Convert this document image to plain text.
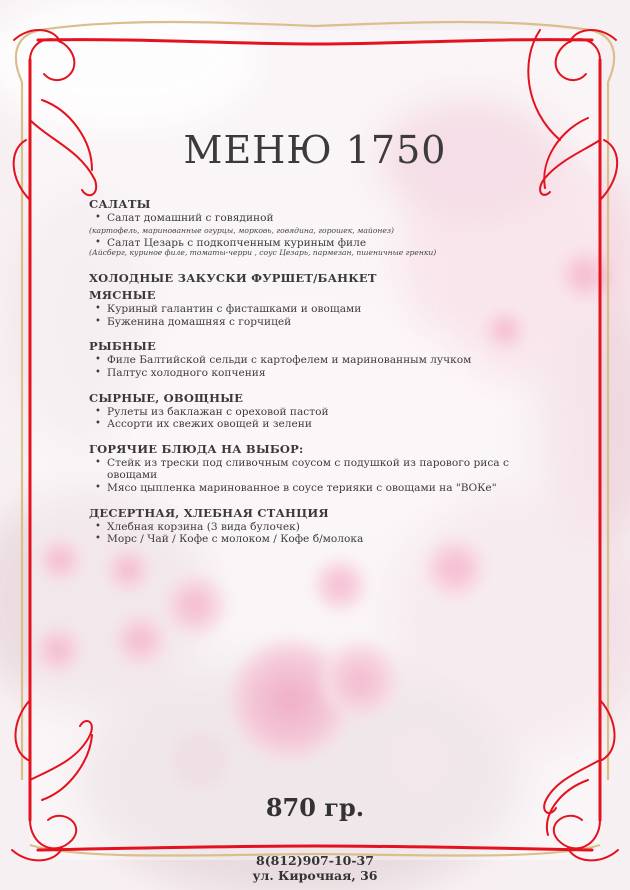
МЕНЮ 1750
САЛАТЫ
• Салат домашний с говядиной
(картофель, маринованные огурцы, морковь, говядина, горошек, майонез)
• Салат Цезарь с подкопченным куриным филе
(Айсберг, куриное филе, томаты-черри , соус Цезарь, пармезан, пшеничные гренки)
ХОЛОДНЫЕ ЗАКУСКИ ФУРШЕТ/БАНКЕТ
МЯСНЫЕ
• Куриный галантин с фисташками и овощами
• Буженина домашняя с горчицей
РЫБНЫЕ
• Филе Балтийской сельди с картофелем и маринованным лучком
• Палтус холодного копчения
СЫРНЫЕ, ОВОЩНЫЕ
• Рулеты из баклажан с ореховой пастой
• Ассорти их свежих овощей и зелени
ГОРЯЧИЕ БЛЮДА НА ВЫБОР:
• Стейк из трески под сливочным соусом с подушкой из парового риса с овощами
• Мясо цыпленка маринованное в соусе терияки с овощами на "ВОКе"
ДЕСЕРТНАЯ, ХЛЕБНАЯ СТАНЦИЯ
• Хлебная корзина (3 вида булочек)
• Морс / Чай / Кофе с молоком / Кофе б/молока
870 гр.
8(812)907-10-37
ул. Кирочная, 36
